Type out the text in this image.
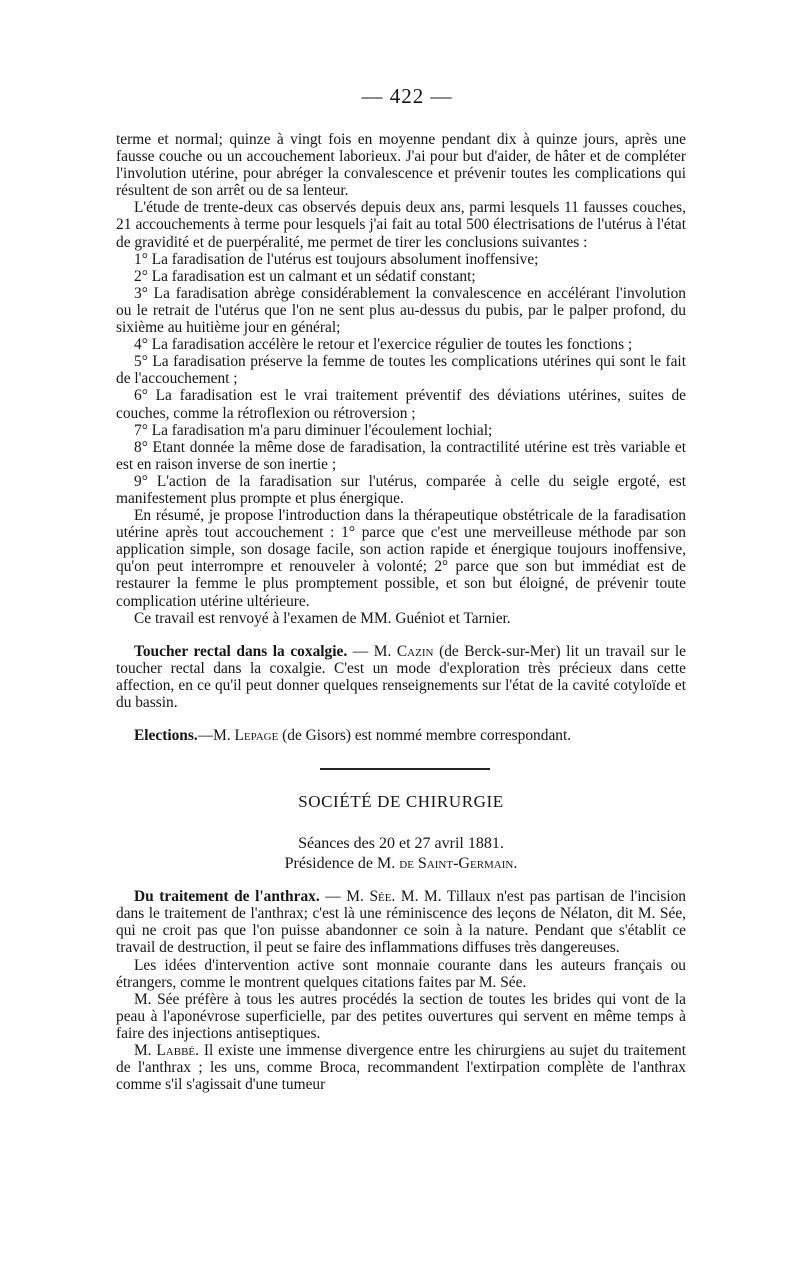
— 422 —

terme et normal; quinze à vingt fois en moyenne pendant dix à quinze jours, après une fausse couche ou un accouchement laborieux. J'ai pour but d'aider, de hâter et de compléter l'involution utérine, pour abréger la convalescence et prévenir toutes les complications qui résultent de son arrêt ou de sa lenteur.

L'étude de trente-deux cas observés depuis deux ans, parmi lesquels 11 fausses couches, 21 accouchements à terme pour lesquels j'ai fait au total 500 électrisations de l'utérus à l'état de gravidité et de puerpéralité, me permet de tirer les conclusions suivantes :

1° La faradisation de l'utérus est toujours absolument inoffensive;

2° La faradisation est un calmant et un sédatif constant;

3° La faradisation abrège considérablement la convalescence en accélérant l'involution ou le retrait de l'utérus que l'on ne sent plus au-dessus du pubis, par le palper profond, du sixième au huitième jour en général;

4° La faradisation accélère le retour et l'exercice régulier de toutes les fonctions ;

5° La faradisation préserve la femme de toutes les complications utérines qui sont le fait de l'accouchement ;

6° La faradisation est le vrai traitement préventif des déviations utérines, suites de couches, comme la rétroflexion ou rétroversion ;

7° La faradisation m'a paru diminuer l'écoulement lochial;

8° Etant donnée la même dose de faradisation, la contractilité utérine est très variable et est en raison inverse de son inertie ;

9° L'action de la faradisation sur l'utérus, comparée à celle du seigle ergoté, est manifestement plus prompte et plus énergique.

En résumé, je propose l'introduction dans la thérapeutique obstétricale de la faradisation utérine après tout accouchement : 1° parce que c'est une merveilleuse méthode par son application simple, son dosage facile, son action rapide et énergique toujours inoffensive, qu'on peut interrompre et renouveler à volonté; 2° parce que son but immédiat est de restaurer la femme le plus promptement possible, et son but éloigné, de prévenir toute complication utérine ultérieure.

Ce travail est renvoyé à l'examen de MM. Guéniot et Tarnier.

Toucher rectal dans la coxalgie. — M. Cazin (de Berck-sur-Mer) lit un travail sur le toucher rectal dans la coxalgie. C'est un mode d'exploration très précieux dans cette affection, en ce qu'il peut donner quelques renseignements sur l'état de la cavité cotyloïde et du bassin.

Elections.—M. Lepage (de Gisors) est nommé membre correspondant.

SOCIÉTÉ DE CHIRURGIE

Séances des 20 et 27 avril 1881.

Présidence de M. de Saint-Germain.

Du traitement de l'anthrax. — M. Sée. M. M. Tillaux n'est pas partisan de l'incision dans le traitement de l'anthrax; c'est là une réminiscence des leçons de Nélaton, dit M. Sée, qui ne croit pas que l'on puisse abandonner ce soin à la nature. Pendant que s'établit ce travail de destruction, il peut se faire des inflammations diffuses très dangereuses.

Les idées d'intervention active sont monnaie courante dans les auteurs français ou étrangers, comme le montrent quelques citations faites par M. Sée.

M. Sée préfère à tous les autres procédés la section de toutes les brides qui vont de la peau à l'aponévrose superficielle, par des petites ouvertures qui servent en même temps à faire des injections antiseptiques.

M. Labbé. Il existe une immense divergence entre les chirurgiens au sujet du traitement de l'anthrax ; les uns, comme Broca, recommandent l'extirpation complète de l'anthrax comme s'il s'agissait d'une tumeur
